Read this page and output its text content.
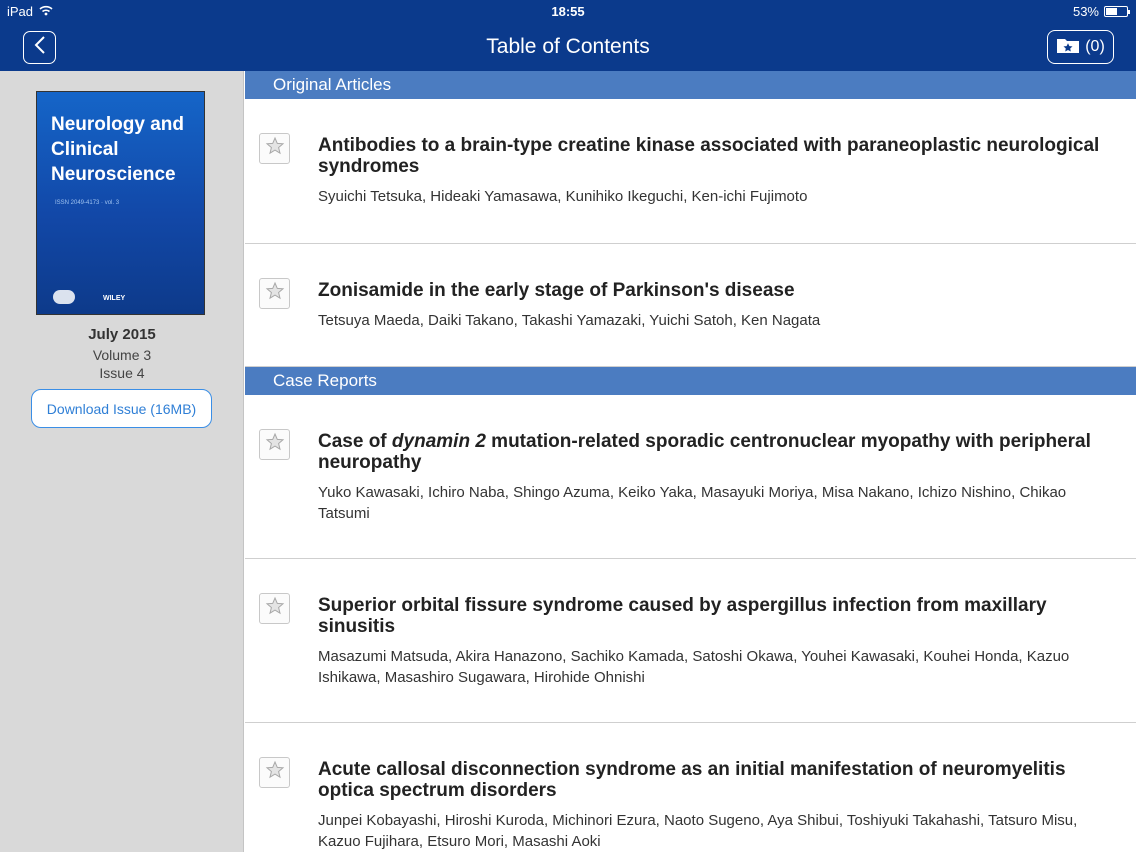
iPad	18:55	53%
Table of Contents	(0)
Neurology and
Clinical
Neuroscience
ISSN 2049-4173 · vol. 3
WILEY
July 2015
Volume 3
Issue 4
Download Issue (16MB)
Original Articles
Antibodies to a brain-type creatine kinase associated with paraneoplastic neurological syndromes
Syuichi Tetsuka, Hideaki Yamasawa, Kunihiko Ikeguchi, Ken-ichi Fujimoto
Zonisamide in the early stage of Parkinson's disease
Tetsuya Maeda, Daiki Takano, Takashi Yamazaki, Yuichi Satoh, Ken Nagata
Case Reports
Case of dynamin 2 mutation-related sporadic centronuclear myopathy with peripheral neuropathy
Yuko Kawasaki, Ichiro Naba, Shingo Azuma, Keiko Yaka, Masayuki Moriya, Misa Nakano, Ichizo Nishino, Chikao Tatsumi
Superior orbital fissure syndrome caused by aspergillus infection from maxillary sinusitis
Masazumi Matsuda, Akira Hanazono, Sachiko Kamada, Satoshi Okawa, Youhei Kawasaki, Kouhei Honda, Kazuo Ishikawa, Masashiro Sugawara, Hirohide Ohnishi
Acute callosal disconnection syndrome as an initial manifestation of neuromyelitis optica spectrum disorders
Junpei Kobayashi, Hiroshi Kuroda, Michinori Ezura, Naoto Sugeno, Aya Shibui, Toshiyuki Takahashi, Tatsuro Misu, Kazuo Fujihara, Etsuro Mori, Masashi Aoki
